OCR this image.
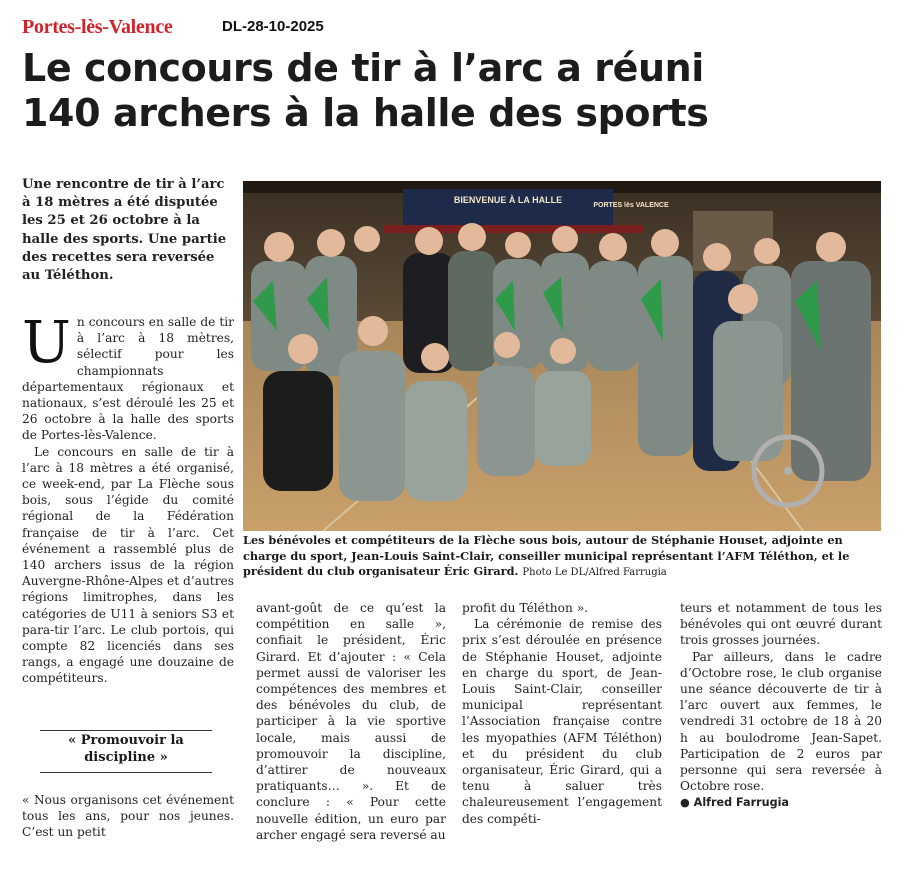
Portes-lès-Valence	DL-28-10-2025
Le concours de tir à l’arc a réuni
140 archers à la halle des sports
Une rencontre de tir à l’arc à 18 mètres a été disputée les 25 et 26 octobre à la halle des sports. Une partie des recettes sera reversée au Téléthon.

Un concours en salle de tir à l’arc à 18 mètres, sélectif pour les championnats départementaux régionaux et nationaux, s’est déroulé les 25 et 26 octobre à la halle des sports de Portes-lès-Valence.

Le concours en salle de tir à l’arc à 18 mètres a été organisé, ce week-end, par La Flèche sous bois, sous l’égide du comité régional de la Fédération française de tir à l’arc. Cet événement a rassemblé plus de 140 archers issus de la région Auvergne-Rhône-Alpes et d’autres régions limitrophes, dans les catégories de U11 à seniors S3 et para-tir l’arc. Le club portois, qui compte 82 licenciés dans ses rangs, a engagé une douzaine de compétiteurs.

« Promouvoir la discipline »

« Nous organisons cet événement tous les ans, pour nos jeunes. C’est un petit

BIENVENUE À LA HALLE
PORTES lès VALENCE
Les bénévoles et compétiteurs de la Flèche sous bois, autour de Stéphanie Houset, adjointe en charge du sport, Jean-Louis Saint-Clair, conseiller municipal représentant l’AFM Téléthon, et le président du club organisateur Éric Girard. Photo Le DL/Alfred Farrugia

avant-goût de ce qu’est la compétition en salle », confiait le président, Éric Girard. Et d’ajouter : « Cela permet aussi de valoriser les compétences des membres et des bénévoles du club, de participer à la vie sportive locale, mais aussi de promouvoir la discipline, d’attirer de nouveaux pratiquants… ». Et de conclure : « Pour cette nouvelle édition, un euro par archer engagé sera reversé au

profit du Téléthon ».

La cérémonie de remise des prix s’est déroulée en présence de Stéphanie Houset, adjointe en charge du sport, de Jean-Louis Saint-Clair, conseiller municipal représentant l’Association française contre les myopathies (AFM Téléthon) et du président du club organisateur, Éric Girard, qui a tenu à saluer très chaleureusement l’engagement des compéti-

teurs et notamment de tous les bénévoles qui ont œuvré durant trois grosses journées.

Par ailleurs, dans le cadre d’Octobre rose, le club organise une séance découverte de tir à l’arc ouvert aux femmes, le vendredi 31 octobre de 18 à 20 h au boulodrome Jean-Sapet. Participation de 2 euros par personne qui sera reversée à Octobre rose.

● Alfred Farrugia
